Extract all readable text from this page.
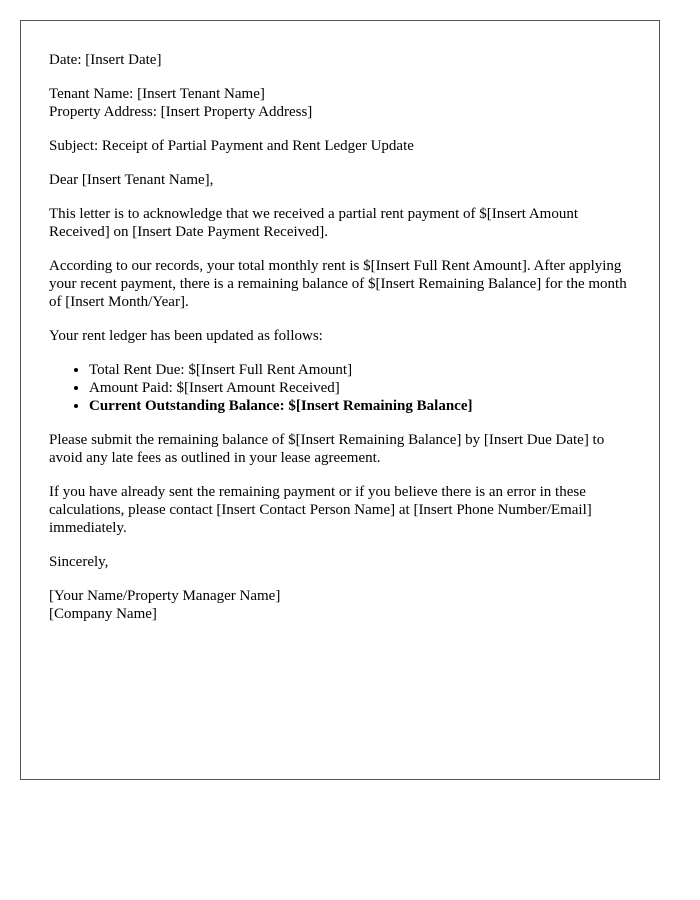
Date: [Insert Date]

Tenant Name: [Insert Tenant Name]
Property Address: [Insert Property Address]

Subject: Receipt of Partial Payment and Rent Ledger Update

Dear [Insert Tenant Name],

This letter is to acknowledge that we received a partial rent payment of $[Insert Amount Received] on [Insert Date Payment Received].

According to our records, your total monthly rent is $[Insert Full Rent Amount]. After applying your recent payment, there is a remaining balance of $[Insert Remaining Balance] for the month of [Insert Month/Year].

Your rent ledger has been updated as follows:

• Total Rent Due: $[Insert Full Rent Amount]
• Amount Paid: $[Insert Amount Received]
• Current Outstanding Balance: $[Insert Remaining Balance]

Please submit the remaining balance of $[Insert Remaining Balance] by [Insert Due Date] to avoid any late fees as outlined in your lease agreement.

If you have already sent the remaining payment or if you believe there is an error in these calculations, please contact [Insert Contact Person Name] at [Insert Phone Number/Email] immediately.

Sincerely,

[Your Name/Property Manager Name]
[Company Name]
